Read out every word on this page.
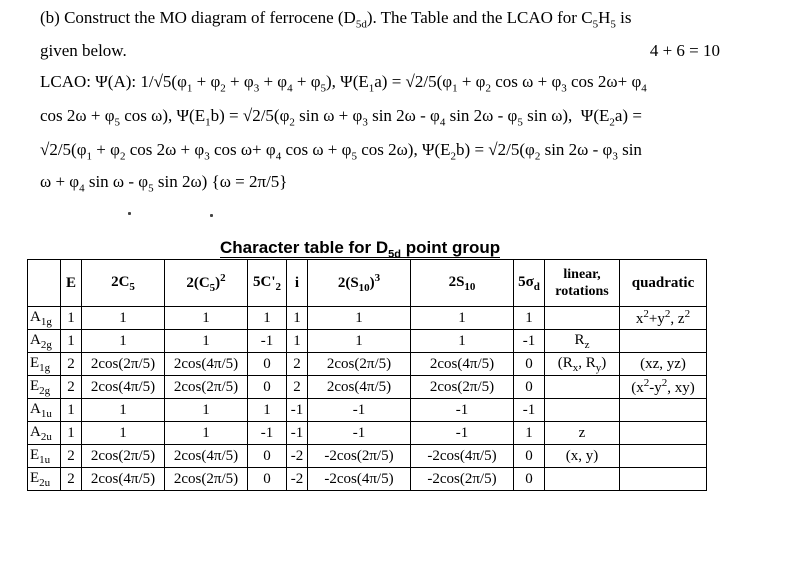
(b) Construct the MO diagram of ferrocene $(D_{5d})$. The Table and the LCAO for $C_5H_5$ is
given below.	4 + 6 = 10
LCAO: Ψ(A): $1/√5(\varphi_1 + \varphi_2 + \varphi_3 + \varphi_4 + \varphi_5)$, $\Psi(E_1a) = √2/5(\varphi_1 + \varphi_2$ $\cos \omega + \varphi_3$ $\cos 2\omega+ \varphi_4$
$\cos 2\omega + \varphi_5$ cos ω), $\Psi(E_1b) = √2/5(\varphi_2$ $\sin \omega + \varphi_3$ $\sin 2\omega - \varphi_4$ $\sin 2\omega - \varphi_5$ sin ω),  $\Psi(E_2a)$ =
$√2/5(\varphi_1 + \varphi_2$ $\cos 2\omega + \varphi_3$ $\cos \omega+ \varphi_4$ $\cos \omega + \varphi_5$ cos 2ω), $\Psi(E_2b) = √2/5(\varphi_2$ $\sin 2\omega - \varphi_3$ sin
$\omega + \varphi_4$ sin ω - $\varphi_5$ sin 2ω) {ω = 2π/5}
Character table for $D_{5d}$ point group
	E	$2C_5$	$2(C_5)^2$	$5C'_2$	i	$2(S_{10})^3$	$2S_{10}$	$5\sigma_d$	linear,
rotations	quadratic
$A_{1g}$	1	1	1	1	1	1	1	1		$x^2+y^2$, $z^2$
$A_{2g}$	1	1	1	-1	1	1	1	-1	$R_z$	
$E_{1g}$	2	2cos(2π/5)	2cos(4π/5)	0	2	2cos(2π/5)	2cos(4π/5)	0	($R_x$, $R_y$)	(xz, yz)
$E_{2g}$	2	2cos(4π/5)	2cos(2π/5)	0	2	2cos(4π/5)	2cos(2π/5)	0		($x^2-y^2$, xy)
$A_{1u}$	1	1	1	1	-1	-1	-1	-1		
$A_{2u}$	1	1	1	-1	-1	-1	-1	1	z	
$E_{1u}$	2	2cos(2π/5)	2cos(4π/5)	0	-2	-2cos(2π/5)	-2cos(4π/5)	0	(x, y)	
$E_{2u}$	2	2cos(4π/5)	2cos(2π/5)	0	-2	-2cos(4π/5)	-2cos(2π/5)	0		
